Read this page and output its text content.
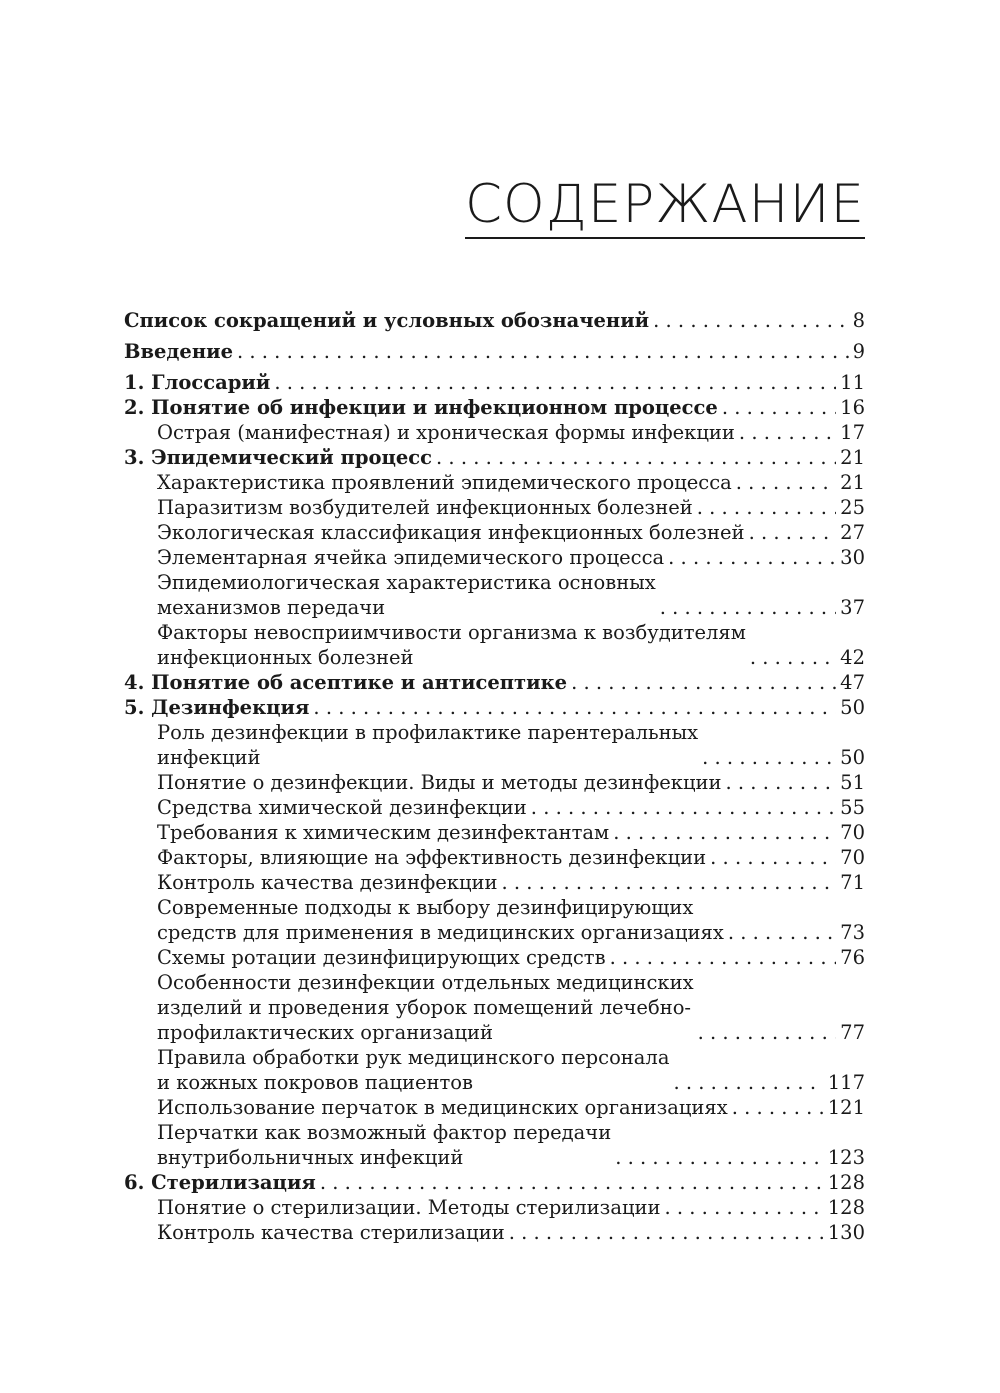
СОДЕРЖАНИЕ
Список сокращений и условных обозначений . . .	8
Введение . . .	9
1. Глоссарий . . .	11
2. Понятие об инфекции и инфекционном процессе . . .	16
Острая (манифестная) и хроническая формы инфекции . . .	17
3. Эпидемический процесс . . .	21
Характеристика проявлений эпидемического процесса . . .	21
Паразитизм возбудителей инфекционных болезней . . .	25
Экологическая классификация инфекционных болезней . . .	27
Элементарная ячейка эпидемического процесса . . .	30
Эпидемиологическая характеристика основных
механизмов передачи . . .	37
Факторы невосприимчивости организма к возбудителям
инфекционных болезней . . .	42
4. Понятие об асептике и антисептике . . .	47
5. Дезинфекция . . .	50
Роль дезинфекции в профилактике парентеральных
инфекций . . .	50
Понятие о дезинфекции. Виды и методы дезинфекции . . .	51
Средства химической дезинфекции . . .	55
Требования к химическим дезинфектантам . . .	70
Факторы, влияющие на эффективность дезинфекции . . .	70
Контроль качества дезинфекции . . .	71
Современные подходы к выбору дезинфицирующих
средств для применения в медицинских организациях . . .	73
Схемы ротации дезинфицирующих средств . . .	76
Особенности дезинфекции отдельных медицинских
изделий и проведения уборок помещений лечебно-
профилактических организаций . . .	77
Правила обработки рук медицинского персонала
и кожных покровов пациентов . . .	117
Использование перчаток в медицинских организациях . . .	121
Перчатки как возможный фактор передачи
внутрибольничных инфекций . . .	123
6. Стерилизация . . .	128
Понятие о стерилизации. Методы стерилизации . . .	128
Контроль качества стерилизации . . .	130
